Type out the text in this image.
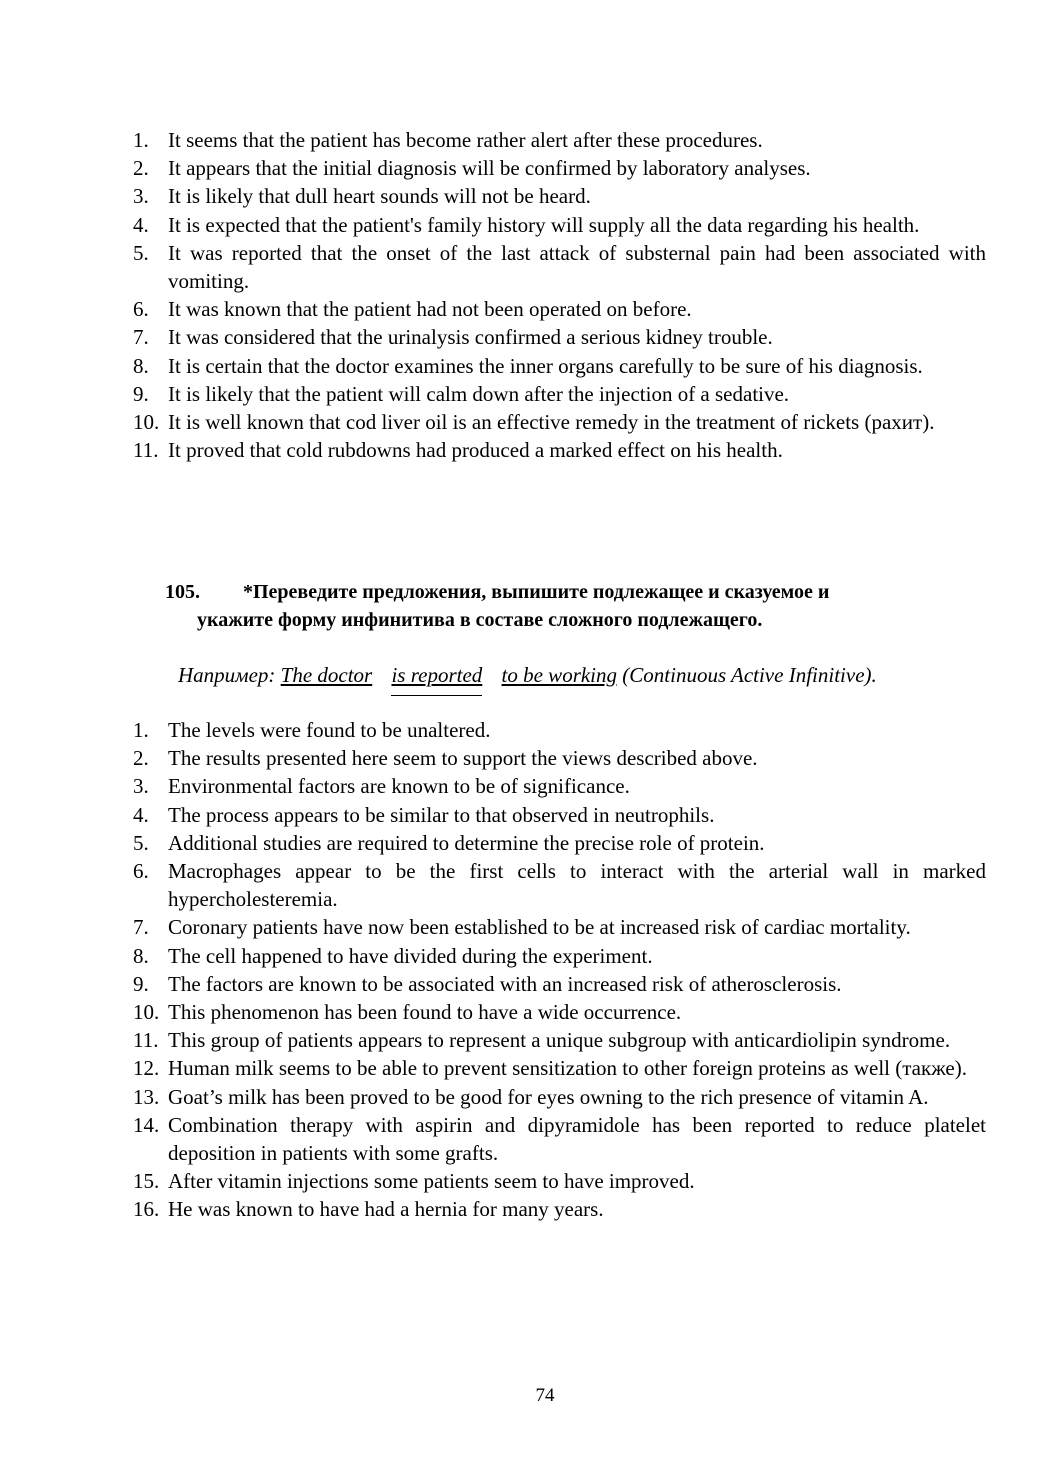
1. It seems that the patient has become rather alert after these procedures.
2. It appears that the initial diagnosis will be confirmed by laboratory analyses.
3. It is likely that dull heart sounds will not be heard.
4. It is expected that the patient's family history will supply all the data regarding his health.
5. It was reported that the onset of the last attack of substernal pain had been associated with vomiting.
6. It was known that the patient had not been operated on before.
7. It was considered that the urinalysis confirmed a serious kidney trouble.
8. It is certain that the doctor examines the inner organs carefully to be sure of his diagnosis.
9. It is likely that the patient will calm down after the injection of a sedative.
10. It is well known that cod liver oil is an effective remedy in the treatment of rickets (рахит).
11. It proved that cold rubdowns had produced a marked effect on his health.
105. *Переведите предложения, выпишите подлежащее и сказуемое и
укажите форму инфинитива в составе сложного подлежащего.
Например: The doctor is reported to be working (Continuous Active Infinitive).
1. The levels were found to be unaltered.
2. The results presented here seem to support the views described above.
3. Environmental factors are known to be of significance.
4. The process appears to be similar to that observed in neutrophils.
5. Additional studies are required to determine the precise role of protein.
6. Macrophages appear to be the first cells to interact with the arterial wall in marked hypercholesteremia.
7. Coronary patients have now been established to be at increased risk of cardiac mortality.
8. The cell happened to have divided during the experiment.
9. The factors are known to be associated with an increased risk of atherosclerosis.
10. This phenomenon has been found to have a wide occurrence.
11. This group of patients appears to represent a unique subgroup with anticardiolipin syndrome.
12. Human milk seems to be able to prevent sensitization to other foreign proteins as well (также).
13. Goat’s milk has been proved to be good for eyes owning to the rich presence of vitamin A.
14. Combination therapy with aspirin and dipyramidole has been reported to reduce platelet deposition in patients with some grafts.
15. After vitamin injections some patients seem to have improved.
16. He was known to have had a hernia for many years.
74
